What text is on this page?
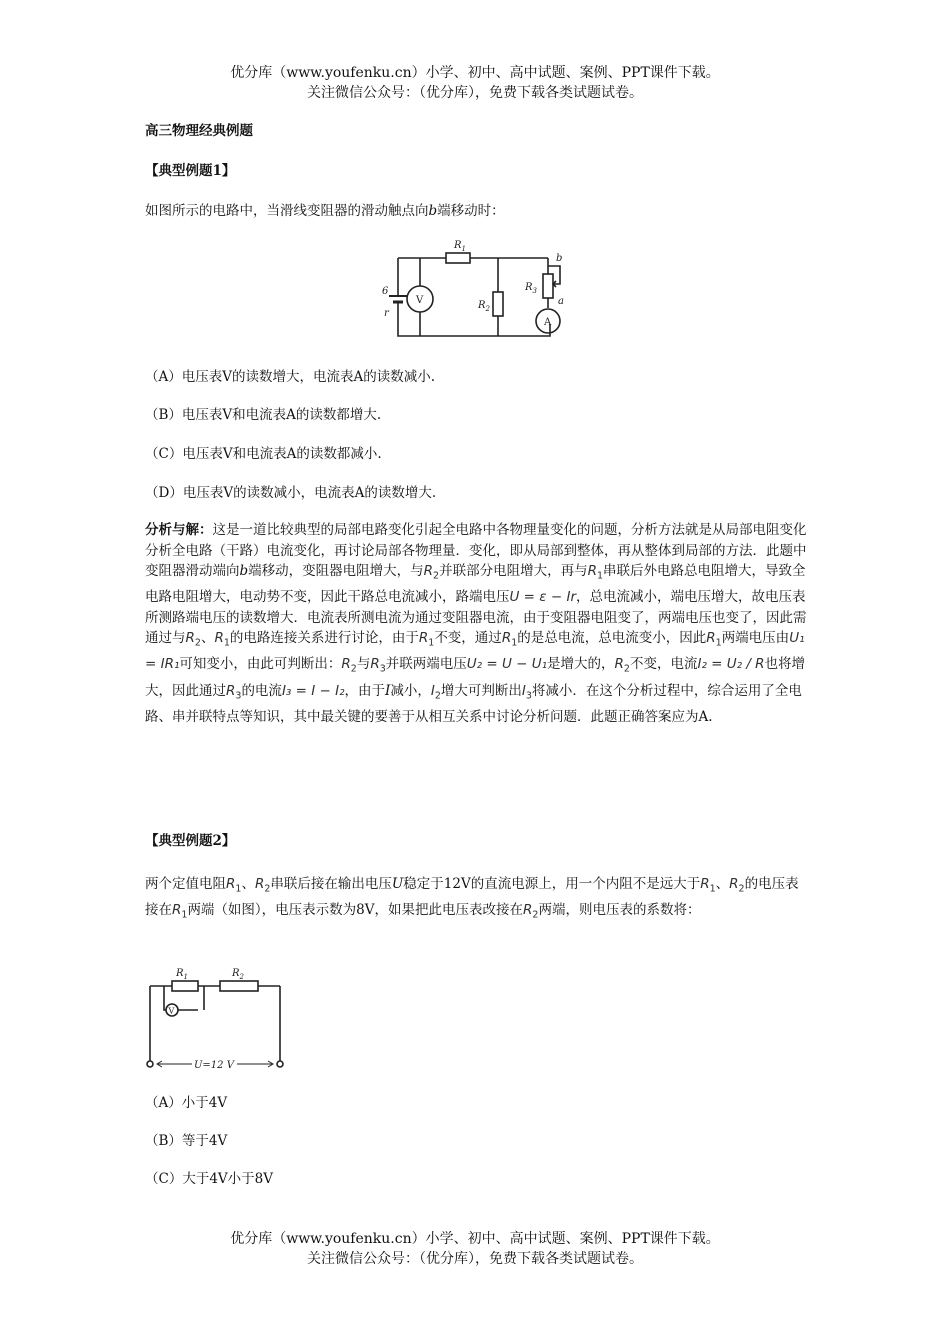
优分库（www.youfenku.cn）小学、初中、高中试题、案例、PPT课件下载。
关注微信公众号：（优分库），免费下载各类试题试卷。
高三物理经典例题
【典型例题1】
如图所示的电路中，当滑线变阻器的滑动触点向b端移动时：
$R_1$
$R_2$
$R_3$
6
r
V
A
a
b
（A）电压表V的读数增大，电流表A的读数减小.
（B）电压表V和电流表A的读数都增大.
（C）电压表V和电流表A的读数都减小.
（D）电压表V的读数减小，电流表A的读数增大.
分析与解：这是一道比较典型的局部电路变化引起全电路中各物理量变化的问题，分析方法就是从局部电阻变化分析全电路（干路）电流变化，再讨论局部各物理量．变化，即从局部到整体，再从整体到局部的方法．此题中变阻器滑动端向b端移动，变阻器电阻增大，与$R_2$并联部分电阻增大，再与$R_1$串联后外电路总电阻增大，导致全电路电阻增大，电动势不变，因此干路总电流减小，路端电压U = ε − Ir，总电流减小，端电压增大，故电压表所测路端电压的读数增大．电流表所测电流为通过变阻器电流，由于变阻器电阻变了，两端电压也变了，因此需通过与$R_2$、$R_1$的电路连接关系进行讨论，由于$R_1$不变，通过$R_1$的是总电流，总电流变小，因此$R_1$两端电压由U₁ = IR₁可知变小，由此可判断出：$R_2$与$R_3$并联两端电压U₂ = U − U₁是增大的，$R_2$不变，电流I₂ = U₂ / R也将增大，因此通过$R_3$的电流I₃ = I − I₂，由于I减小，$I_2$增大可判断出$I_3$将减小．在这个分析过程中，综合运用了全电路、串并联特点等知识，其中最关键的要善于从相互关系中讨论分析问题．此题正确答案应为A.
【典型例题2】
两个定值电阻$R_1$、$R_2$串联后接在输出电压U稳定于12V的直流电源上，用一个内阻不是远大于$R_1$、$R_2$的电压表接在$R_1$两端（如图），电压表示数为8V，如果把此电压表改接在$R_2$两端，则电压表的系数将：
$R_1$	$R_2$
V
U=12 V
（A）小于4V
（B）等于4V
（C）大于4V小于8V
优分库（www.youfenku.cn）小学、初中、高中试题、案例、PPT课件下载。
关注微信公众号：（优分库），免费下载各类试题试卷。
